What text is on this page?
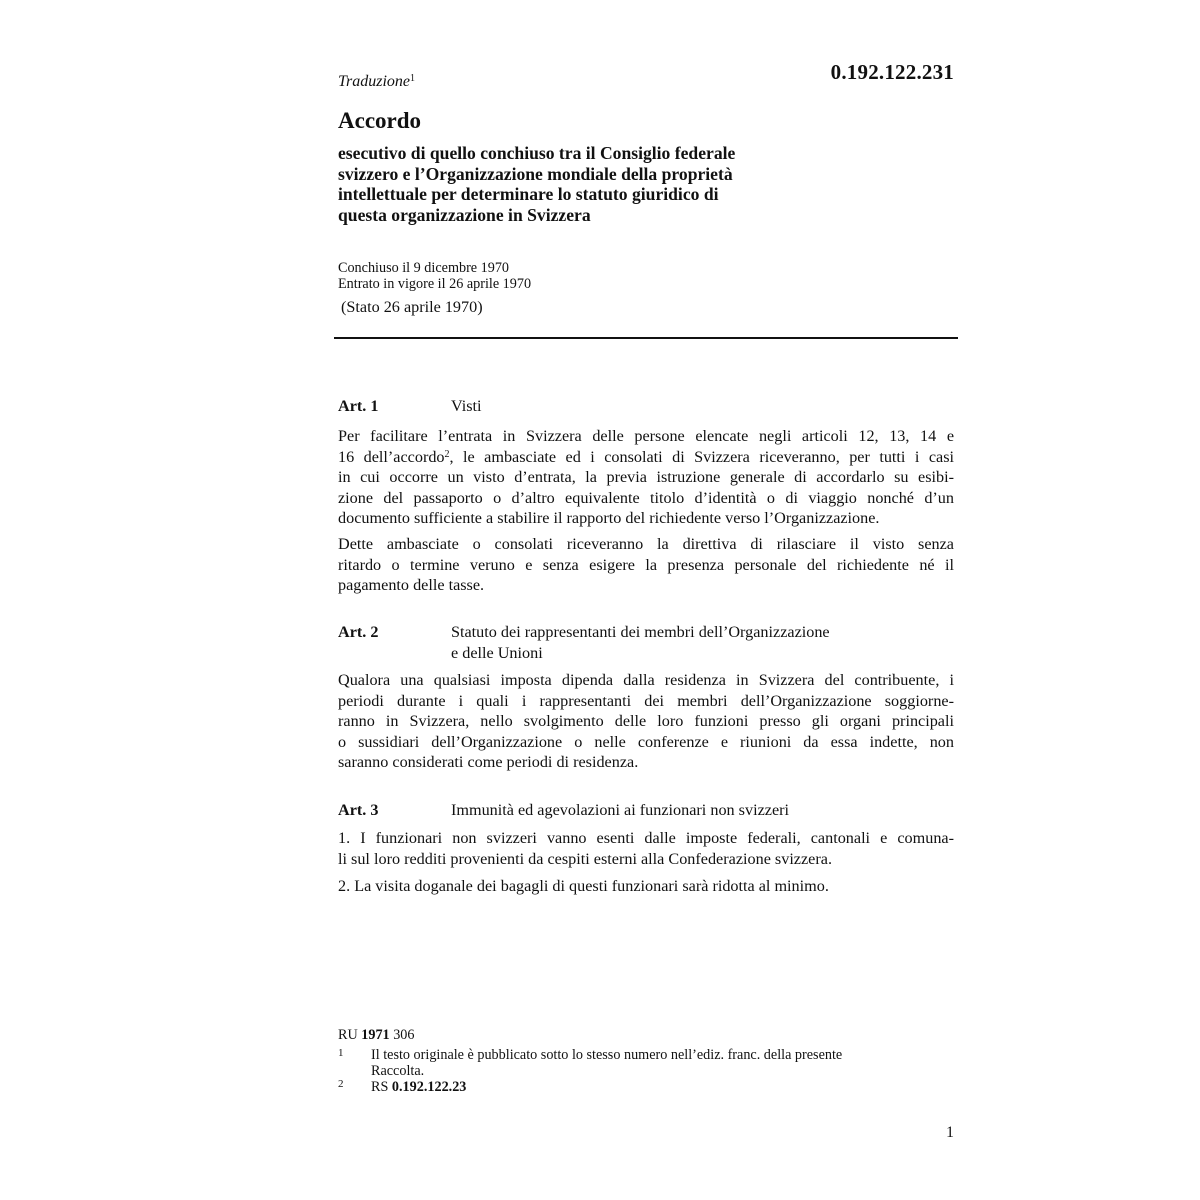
0.192.122.231
Traduzione$^1$
Accordo
esecutivo di quello conchiuso tra il Consiglio federale
svizzero e l’Organizzazione mondiale della proprietà
intellettuale per determinare lo statuto giuridico di
questa organizzazione in Svizzera
Conchiuso il 9 dicembre 1970
Entrato in vigore il 26 aprile 1970
(Stato 26 aprile 1970)
Art. 1	Visti
Per facilitare l’entrata in Svizzera delle persone elencate negli articoli 12, 13, 14 e
16 dell’accordo$^2$, le ambasciate ed i consolati di Svizzera riceveranno, per tutti i casi
in cui occorre un visto d’entrata, la previa istruzione generale di accordarlo su esibi-
zione del passaporto o d’altro equivalente titolo d’identità o di viaggio nonché d’un
documento sufficiente a stabilire il rapporto del richiedente verso l’Organizzazione.
Dette ambasciate o consolati riceveranno la direttiva di rilasciare il visto senza
ritardo o termine veruno e senza esigere la presenza personale del richiedente né il
pagamento delle tasse.
Art. 2	Statuto dei rappresentanti dei membri dell’Organizzazione
e delle Unioni
Qualora una qualsiasi imposta dipenda dalla residenza in Svizzera del contribuente, i
periodi durante i quali i rappresentanti dei membri dell’Organizzazione soggiorne-
ranno in Svizzera, nello svolgimento delle loro funzioni presso gli organi principali
o sussidiari dell’Organizzazione o nelle conferenze e riunioni da essa indette, non
saranno considerati come periodi di residenza.
Art. 3	Immunità ed agevolazioni ai funzionari non svizzeri
1. I funzionari non svizzeri vanno esenti dalle imposte federali, cantonali e comuna-
li sul loro redditi provenienti da cespiti esterni alla Confederazione svizzera.
2. La visita doganale dei bagagli di questi funzionari sarà ridotta al minimo.
RU 1971 306
1 Il testo originale è pubblicato sotto lo stesso numero nell’ediz. franc. della presente
Raccolta.
2 RS 0.192.122.23
1
